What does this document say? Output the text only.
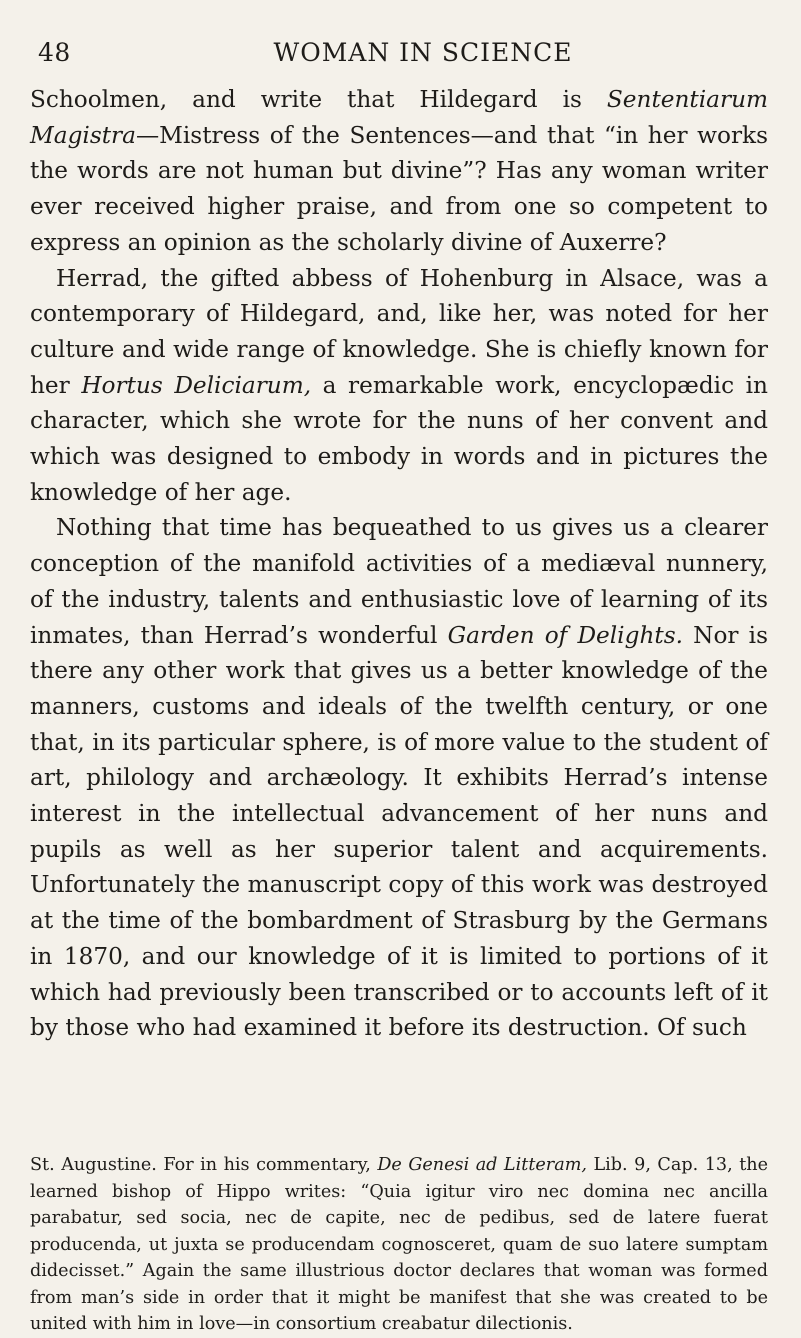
48	WOMAN IN SCIENCE

Schoolmen, and write that Hildegard is Sententiarum Magistra—Mistress of the Sentences—and that “in her works the words are not human but divine”? Has any woman writer ever received higher praise, and from one so competent to express an opinion as the scholarly divine of Auxerre?

Herrad, the gifted abbess of Hohenburg in Alsace, was a contemporary of Hildegard, and, like her, was noted for her culture and wide range of knowledge. She is chiefly known for her Hortus Deliciarum, a remarkable work, encyclopædic in character, which she wrote for the nuns of her convent and which was designed to embody in words and in pictures the knowledge of her age.

Nothing that time has bequeathed to us gives us a clearer conception of the manifold activities of a mediæval nunnery, of the industry, talents and enthusiastic love of learning of its inmates, than Herrad’s wonderful Garden of Delights. Nor is there any other work that gives us a better knowledge of the manners, customs and ideals of the twelfth century, or one that, in its particular sphere, is of more value to the student of art, philology and archæology. It exhibits Herrad’s intense interest in the intellectual advancement of her nuns and pupils as well as her superior talent and acquirements. Unfortunately the manuscript copy of this work was destroyed at the time of the bombardment of Strasburg by the Germans in 1870, and our knowledge of it is limited to portions of it which had previously been transcribed or to accounts left of it by those who had examined it before its destruction. Of such

St. Augustine. For in his commentary, De Genesi ad Litteram, Lib. 9, Cap. 13, the learned bishop of Hippo writes: “Quia igitur viro nec domina nec ancilla parabatur, sed socia, nec de capite, nec de pedibus, sed de latere fuerat producenda, ut juxta se producendam cognosceret, quam de suo latere sumptam didecisset.” Again the same illustrious doctor declares that woman was formed from man’s side in order that it might be manifest that she was created to be united with him in love—in consortium creabatur dilectionis.
